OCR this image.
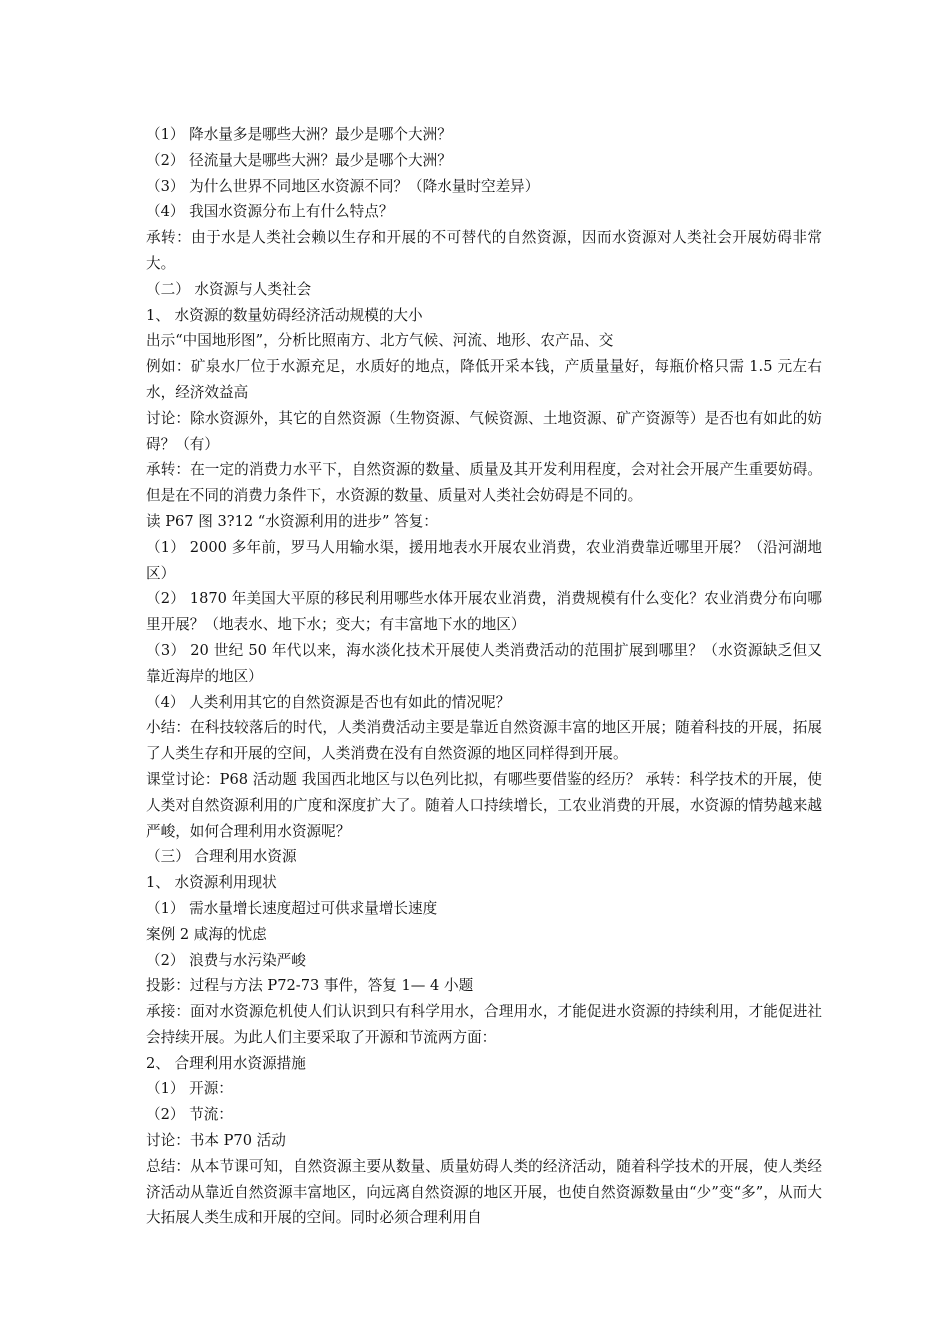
（1） 降水量多是哪些大洲？最少是哪个大洲？

（2） 径流量大是哪些大洲？最少是哪个大洲？

（3） 为什么世界不同地区水资源不同？（降水量时空差异）

（4） 我国水资源分布上有什么特点？

承转：由于水是人类社会赖以生存和开展的不可替代的自然资源，因而水资源对人类社会开展妨碍非常大。

（二） 水资源与人类社会

1、 水资源的数量妨碍经济活动规模的大小

出示“中国地形图”，分析比照南方、北方气候、河流、地形、农产品、交

例如：矿泉水厂位于水源充足，水质好的地点，降低开采本钱，产质量量好，每瓶价格只需 1.5 元左右水，经济效益高

讨论：除水资源外，其它的自然资源（生物资源、气候资源、土地资源、矿产资源等）是否也有如此的妨碍？（有）

承转：在一定的消费力水平下，自然资源的数量、质量及其开发利用程度，会对社会开展产生重要妨碍。但是在不同的消费力条件下，水资源的数量、质量对人类社会妨碍是不同的。

读 P67 图 3?12 “水资源利用的进步” 答复：

（1） 2000 多年前，罗马人用输水渠，援用地表水开展农业消费，农业消费靠近哪里开展？（沿河湖地区）

（2） 1870 年美国大平原的移民利用哪些水体开展农业消费，消费规模有什么变化？农业消费分布向哪里开展？（地表水、地下水；变大；有丰富地下水的地区）

（3） 20 世纪 50 年代以来，海水淡化技术开展使人类消费活动的范围扩展到哪里？（水资源缺乏但又靠近海岸的地区）

（4） 人类利用其它的自然资源是否也有如此的情况呢？

小结：在科技较落后的时代，人类消费活动主要是靠近自然资源丰富的地区开展；随着科技的开展，拓展了人类生存和开展的空间，人类消费在没有自然资源的地区同样得到开展。

课堂讨论：P68 活动题 我国西北地区与以色列比拟，有哪些要借鉴的经历？ 承转：科学技术的开展，使人类对自然资源利用的广度和深度扩大了。随着人口持续增长，工农业消费的开展，水资源的情势越来越严峻，如何合理利用水资源呢？

（三） 合理利用水资源

1、 水资源利用现状

（1） 需水量增长速度超过可供求量增长速度

案例 2 咸海的忧虑

（2） 浪费与水污染严峻

投影：过程与方法 P72-73 事件，答复 1— 4 小题

承接：面对水资源危机使人们认识到只有科学用水，合理用水，才能促进水资源的持续利用，才能促进社会持续开展。为此人们主要采取了开源和节流两方面：

2、 合理利用水资源措施

（1） 开源：

（2） 节流：

讨论：书本 P70 活动

总结：从本节课可知，自然资源主要从数量、质量妨碍人类的经济活动，随着科学技术的开展，使人类经济活动从靠近自然资源丰富地区，向远离自然资源的地区开展，也使自然资源数量由“少”变“多”，从而大大拓展人类生成和开展的空间。同时必须合理利用自
